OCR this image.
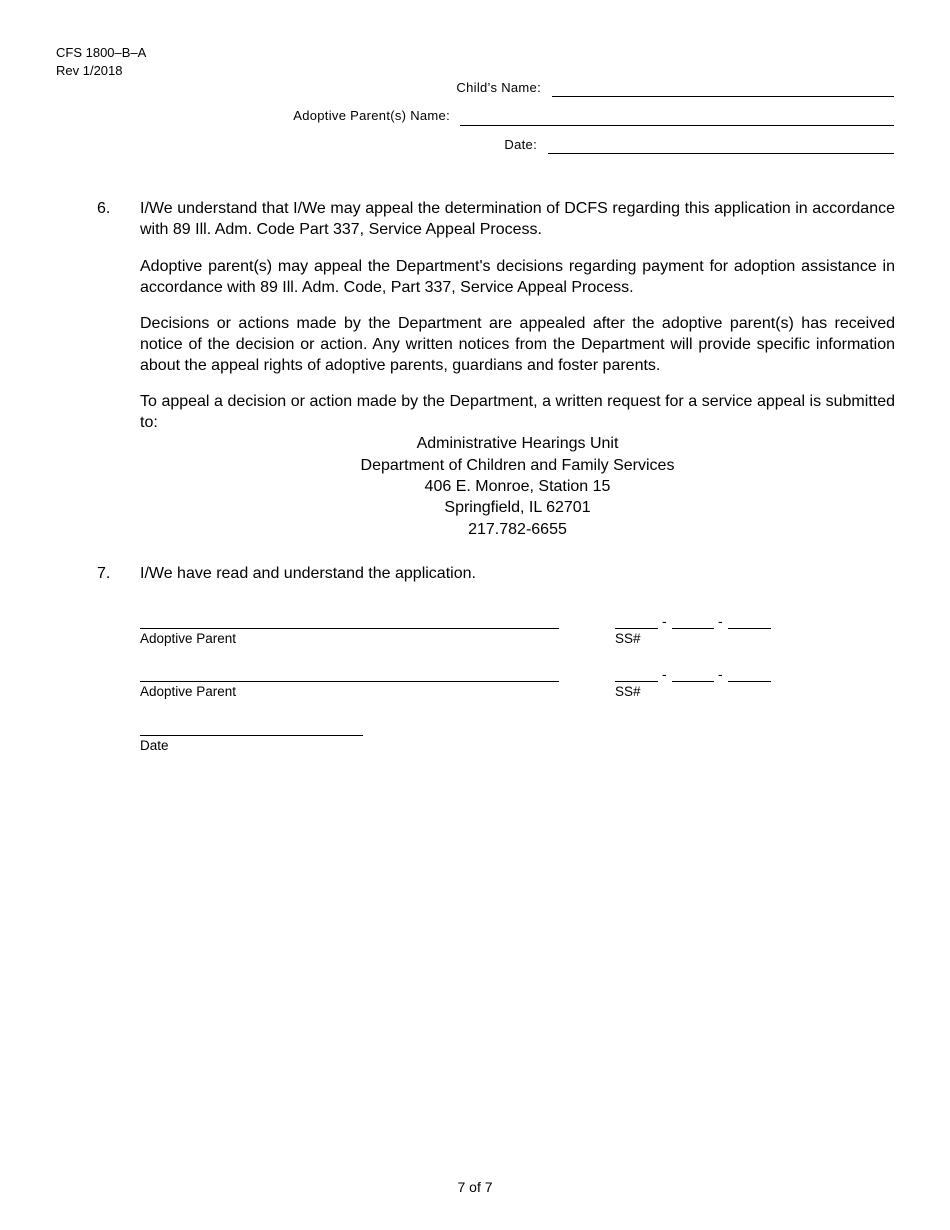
CFS 1800–B–A
Rev 1/2018
Child’s Name:
Adoptive Parent(s) Name:
Date:
6. I/We understand that I/We may appeal the determination of DCFS regarding this application in accordance with 89 Ill. Adm. Code Part 337, Service Appeal Process.
Adoptive parent(s) may appeal the Department's decisions regarding payment for adoption assistance in accordance with 89 Ill. Adm. Code, Part 337, Service Appeal Process.
Decisions or actions made by the Department are appealed after the adoptive parent(s) has received notice of the decision or action. Any written notices from the Department will provide specific information about the appeal rights of adoptive parents, guardians and foster parents.
To appeal a decision or action made by the Department, a written request for a service appeal is submitted to:
Administrative Hearings Unit
Department of Children and Family Services
406 E. Monroe, Station 15
Springfield, IL 62701
217.782-6655
7. I/We have read and understand the application.
Adoptive Parent
-	-
SS#
Adoptive Parent
-	-
SS#
Date
7 of 7
